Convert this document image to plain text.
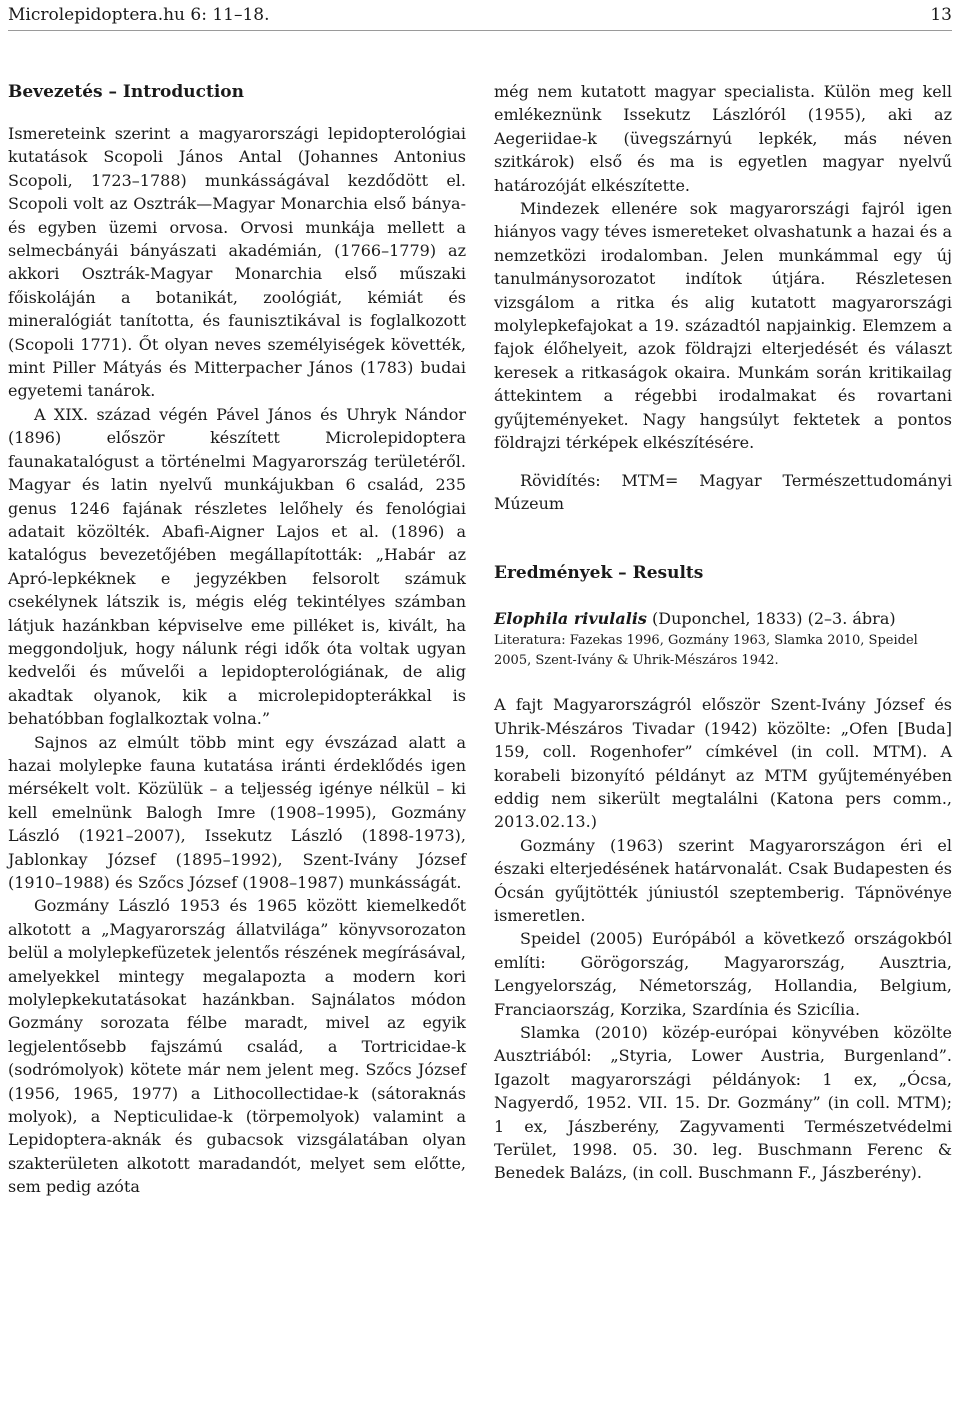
Microlepidoptera.hu 6: 11–18.	13
Bevezetés – Introduction

Ismereteink szerint a magyarországi lepidopterológiai kutatások Scopoli János Antal (Johannes Antonius Scopoli, 1723–1788) munkásságával kezdődött el. Scopoli volt az Osztrák—Magyar Monarchia első bánya- és egyben üzemi orvosa. Orvosi munkája mellett a selmecbányái bányászati akadémián, (1766–1779) az akkori Osztrák-Magyar Monarchia első műszaki főiskoláján a botanikát, zoológiát, kémiát és mineralógiát tanította, és faunisztikával is foglalkozott (Scopoli 1771). Őt olyan neves személyiségek követték, mint Piller Mátyás és Mitterpacher János (1783) budai egyetemi tanárok.

A XIX. század végén Pável János és Uhryk Nándor (1896) először készített Microlepidoptera faunakatalógust a történelmi Magyarország területéről. Magyar és latin nyelvű munkájukban 6 család, 235 genus 1246 fajának részletes lelőhely és fenológiai adatait közölték. Abafi-Aigner Lajos et al. (1896) a katalógus bevezetőjében megállapították: „Habár az Apró-lepkéknek e jegyzékben felsorolt számuk csekélynek látszik is, mégis elég tekintélyes számban látjuk hazánkban képviselve eme pilléket is, kivált, ha meggondoljuk, hogy nálunk régi idők óta voltak ugyan kedvelői és művelői a lepidopterológiának, de alig akadtak olyanok, kik a microlepidopterákkal is behatóbban foglalkoztak volna.”

Sajnos az elmúlt több mint egy évszázad alatt a hazai molylepke fauna kutatása iránti érdeklődés igen mérsékelt volt. Közülük – a teljesség igénye nélkül – ki kell emelnünk Balogh Imre (1908–1995), Gozmány László (1921–2007), Issekutz László (1898-1973), Jablonkay József (1895–1992), Szent-Ivány József (1910–1988) és Szőcs József (1908–1987) munkásságát.

Gozmány László 1953 és 1965 között kiemelkedőt alkotott a „Magyarország állatvilága” könyvsorozaton belül a molylepkefüzetek jelentős részének megírásával, amelyekkel mintegy megalapozta a modern kori molylepkekutatásokat hazánkban. Sajnálatos módon Gozmány sorozata félbe maradt, mivel az egyik legjelentősebb fajszámú család, a Tortricidae-k (sodrómolyok) kötete már nem jelent meg. Szőcs József (1956, 1965, 1977) a Lithocollectidae-k (sátoraknás molyok), a Nepticulidae-k (törpemolyok) valamint a Lepidoptera-aknák és gubacsok vizsgálatában olyan szakterületen alkotott maradandót, melyet sem előtte, sem pedig azóta

még nem kutatott magyar specialista. Külön meg kell emlékeznünk Issekutz Lászlóról (1955), aki az Aegeriidae-k (üvegszárnyú lepkék, más néven szitkárok) első és ma is egyetlen magyar nyelvű határozóját elkészítette.

Mindezek ellenére sok magyarországi fajról igen hiányos vagy téves ismereteket olvashatunk a hazai és a nemzetközi irodalomban. Jelen munkámmal egy új tanulmánysorozatot indítok útjára. Részletesen vizsgálom a ritka és alig kutatott magyarországi molylepkefajokat a 19. századtól napjainkig. Elemzem a fajok élőhelyeit, azok földrajzi elterjedését és választ keresek a ritkaságok okaira. Munkám során kritikailag áttekintem a régebbi irodalmakat és rovartani gyűjteményeket. Nagy hangsúlyt fektetek a pontos földrajzi térképek elkészítésére.

Rövidítés: MTM= Magyar Természettudományi Múzeum

Eredmények – Results

Elophila rivulalis (Duponchel, 1833) (2–3. ábra)

Literatura: Fazekas 1996, Gozmány 1963, Slamka 2010, Speidel 2005, Szent-Ivány & Uhrik-Mészáros 1942.

A fajt Magyarországról először Szent-Ivány József és Uhrik-Mészáros Tivadar (1942) közölte: „Ofen [Buda] 159, coll. Rogenhofer” címkével (in coll. MTM). A korabeli bizonyító példányt az MTM gyűjteményében eddig nem sikerült megtalálni (Katona pers comm., 2013.02.13.)

Gozmány (1963) szerint Magyarországon éri el északi elterjedésének határvonalát. Csak Budapesten és Ócsán gyűjtötték júniustól szeptemberig. Tápnövénye ismeretlen.

Speidel (2005) Európából a következő országokból említi: Görögország, Magyarország, Ausztria, Lengyelország, Németország, Hollandia, Belgium, Franciaország, Korzika, Szardínia és Szicília.

Slamka (2010) közép-európai könyvében közölte Ausztriából: „Styria, Lower Austria, Burgenland”. Igazolt magyarországi példányok: 1 ex, „Ócsa, Nagyerdő, 1952. VII. 15. Dr. Gozmány” (in coll. MTM); 1 ex, Jászberény, Zagyvamenti Természetvédelmi Terület, 1998. 05. 30. leg. Buschmann Ferenc & Benedek Balázs, (in coll. Buschmann F., Jászberény).
